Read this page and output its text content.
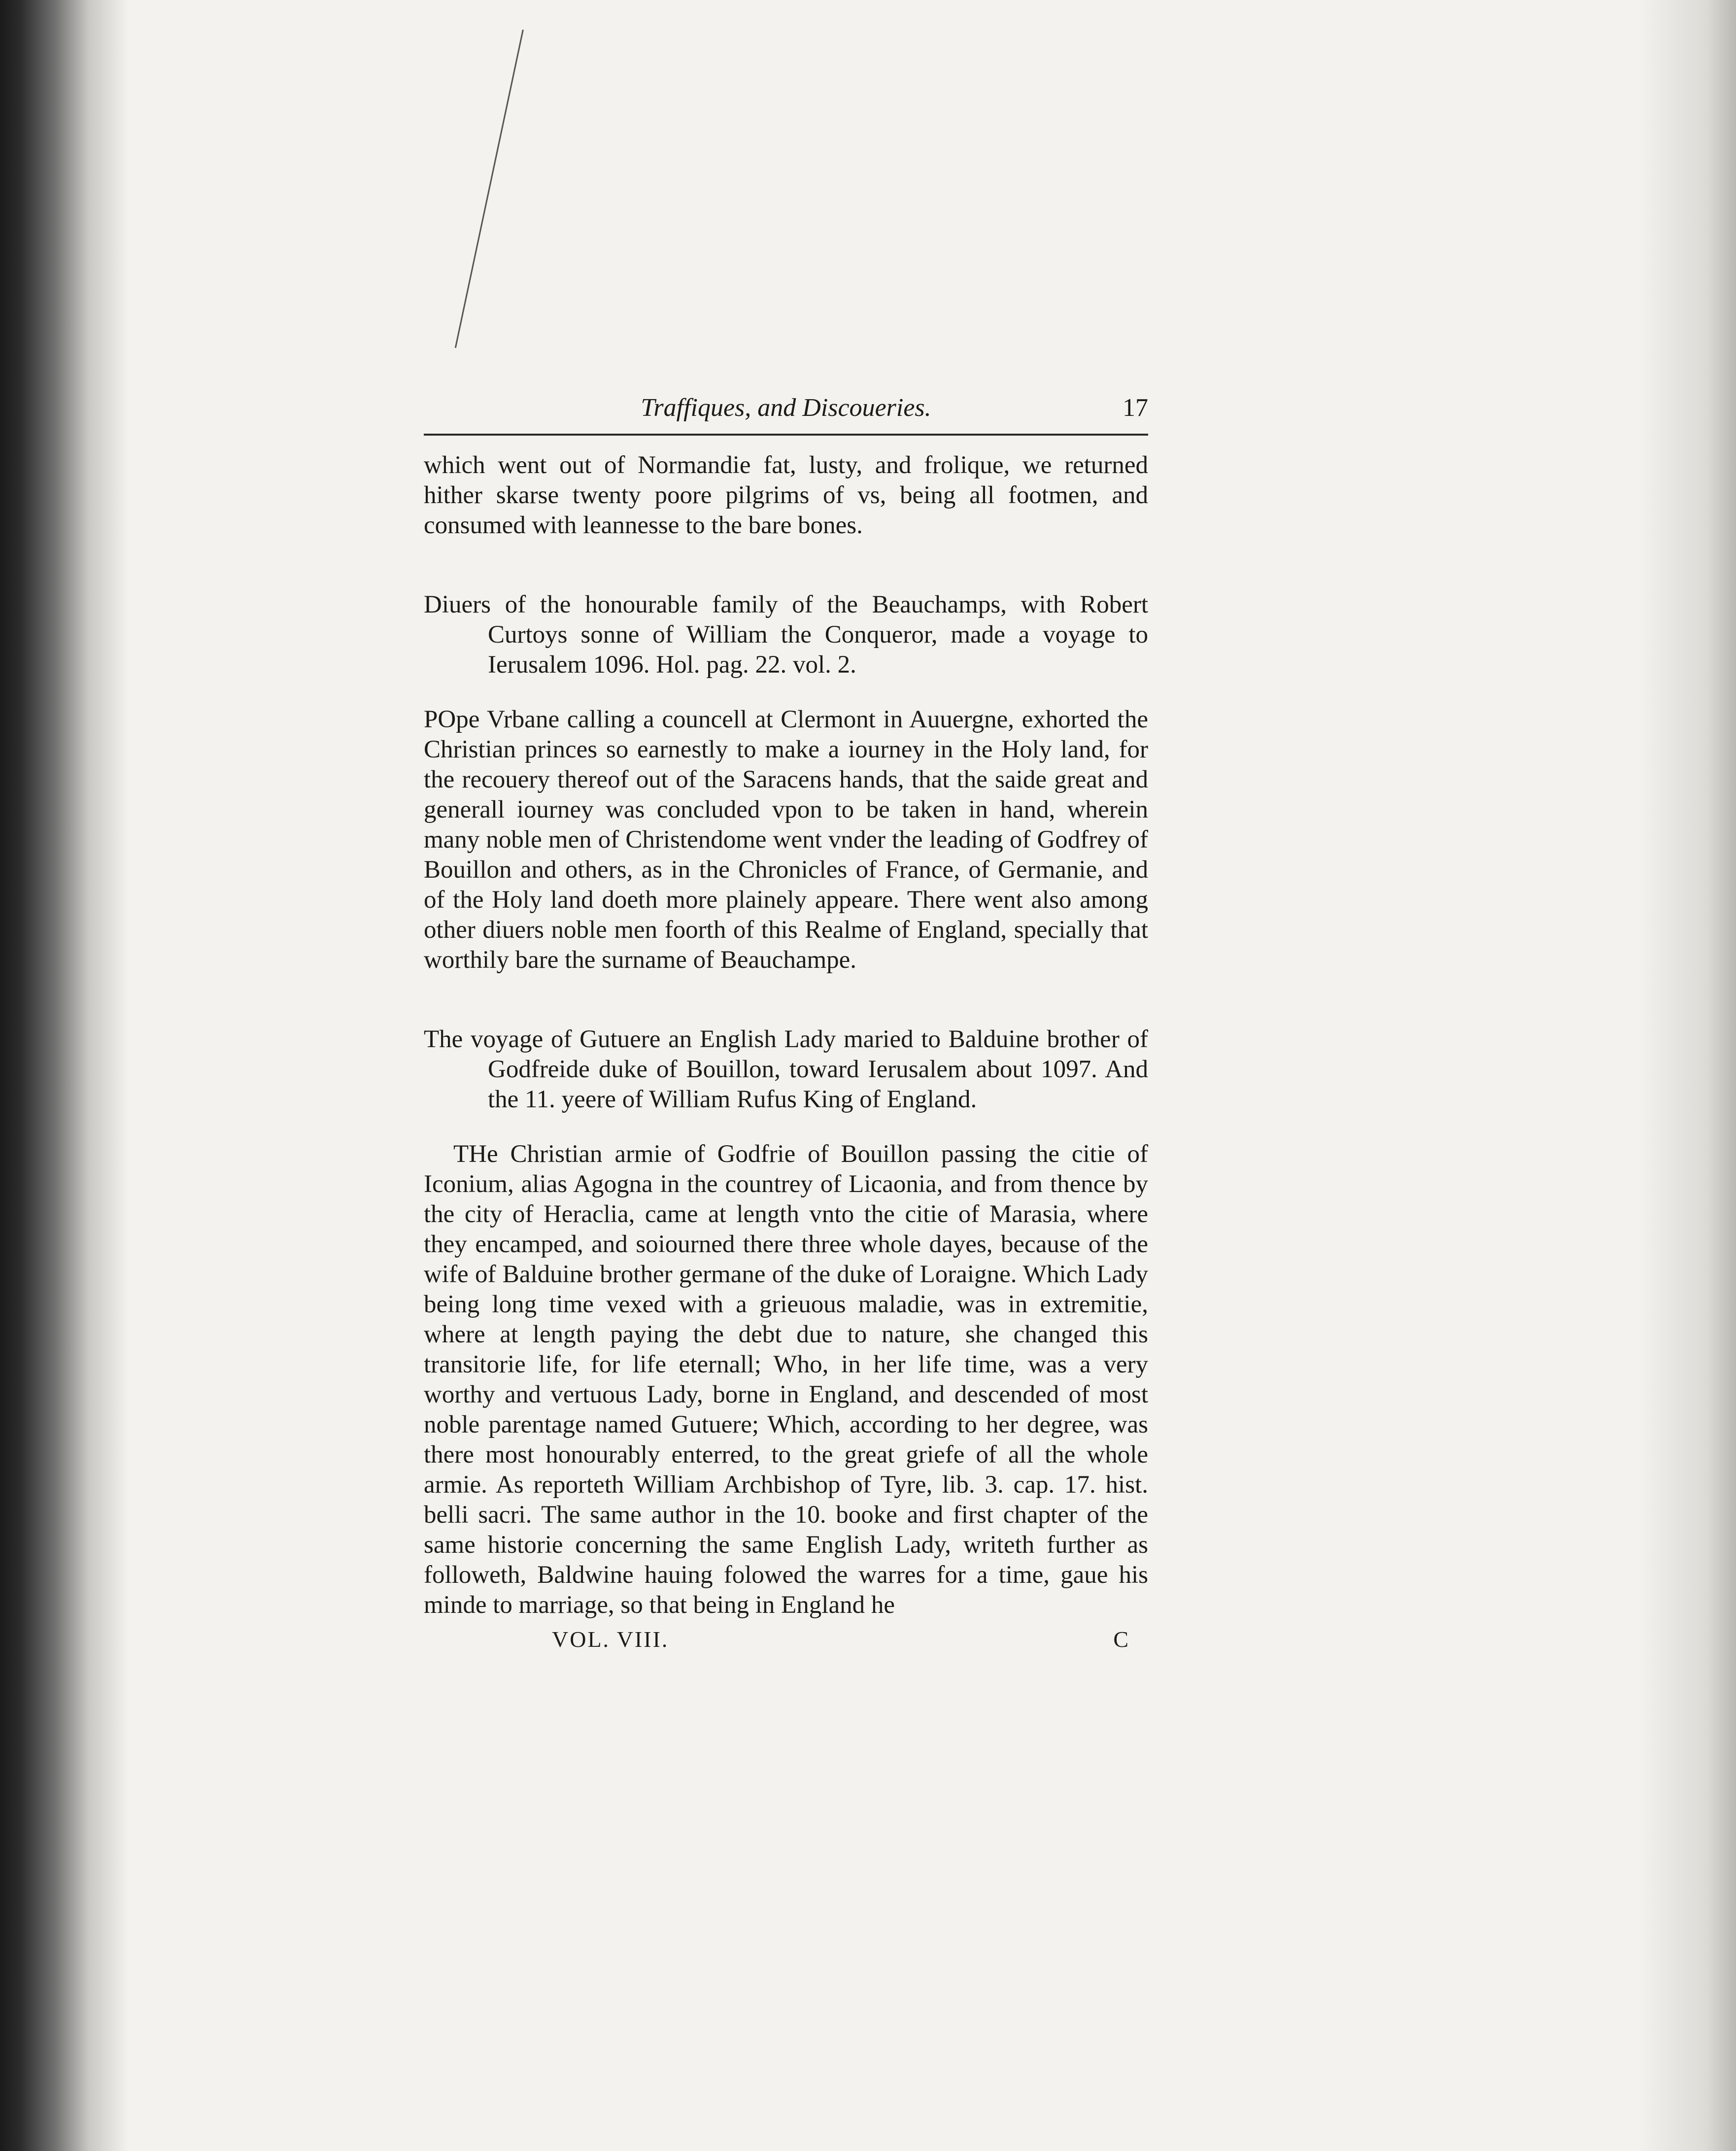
Traffiques, and Discoueries.	17
which went out of Normandie fat, lusty, and frolique, we returned hither skarse twenty poore pilgrims of vs, being all footmen, and consumed with leannesse to the bare bones.
Diuers of the honourable family of the Beauchamps, with Robert Curtoys sonne of William the Conqueror, made a voyage to Ierusalem 1096. Hol. pag. 22. vol. 2.
POpe Vrbane calling a councell at Clermont in Auuergne, exhorted the Christian princes so earnestly to make a iourney in the Holy land, for the recouery thereof out of the Saracens hands, that the saide great and generall iourney was concluded vpon to be taken in hand, wherein many noble men of Christendome went vnder the leading of Godfrey of Bouillon and others, as in the Chronicles of France, of Germanie, and of the Holy land doeth more plainely appeare. There went also among other diuers noble men foorth of this Realme of England, specially that worthily bare the surname of Beauchampe.
The voyage of Gutuere an English Lady maried to Balduine brother of Godfreide duke of Bouillon, toward Ierusalem about 1097. And the 11. yeere of William Rufus King of England.
THe Christian armie of Godfrie of Bouillon passing the citie of Iconium, alias Agogna in the countrey of Licaonia, and from thence by the city of Heraclia, came at length vnto the citie of Marasia, where they encamped, and soiourned there three whole dayes, because of the wife of Balduine brother germane of the duke of Loraigne. Which Lady being long time vexed with a grieuous maladie, was in extremitie, where at length paying the debt due to nature, she changed this transitorie life, for life eternall; Who, in her life time, was a very worthy and vertuous Lady, borne in England, and descended of most noble parentage named Gutuere; Which, according to her degree, was there most honourably enterred, to the great griefe of all the whole armie. As reporteth William Archbishop of Tyre, lib. 3. cap. 17. hist. belli sacri. The same author in the 10. booke and first chapter of the same historie concerning the same English Lady, writeth further as followeth, Baldwine hauing folowed the warres for a time, gaue his minde to marriage, so that being in England he
VOL. VIII.	C
